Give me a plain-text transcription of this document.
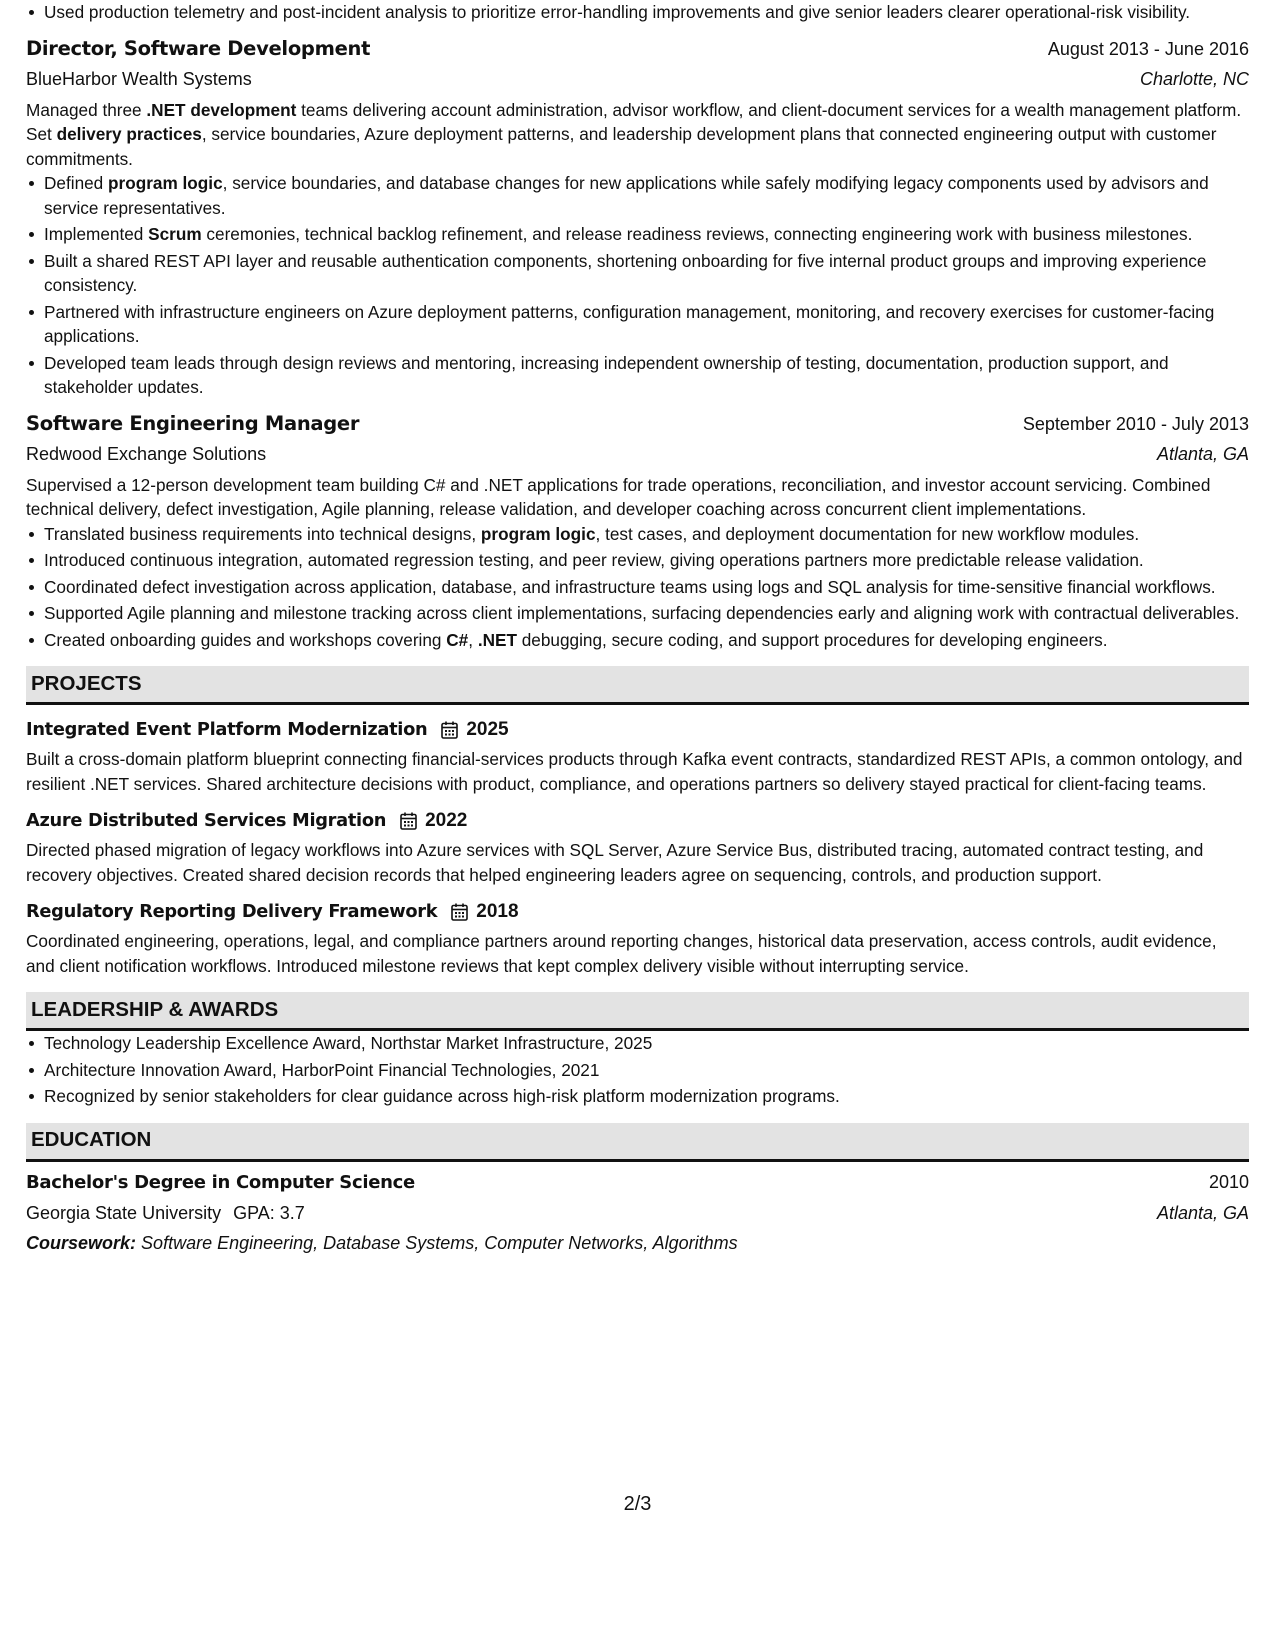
Used production telemetry and post-incident analysis to prioritize error-handling improvements and give senior leaders clearer operational-risk visibility.
Director, Software Development	August 2013 - June 2016
BlueHarbor Wealth Systems	Charlotte, NC
Managed three .NET development teams delivering account administration, advisor workflow, and client-document services for a wealth management platform. Set delivery practices, service boundaries, Azure deployment patterns, and leadership development plans that connected engineering output with customer commitments.
Defined program logic, service boundaries, and database changes for new applications while safely modifying legacy components used by advisors and service representatives.
Implemented Scrum ceremonies, technical backlog refinement, and release readiness reviews, connecting engineering work with business milestones.
Built a shared REST API layer and reusable authentication components, shortening onboarding for five internal product groups and improving experience consistency.
Partnered with infrastructure engineers on Azure deployment patterns, configuration management, monitoring, and recovery exercises for customer-facing applications.
Developed team leads through design reviews and mentoring, increasing independent ownership of testing, documentation, production support, and stakeholder updates.
Software Engineering Manager	September 2010 - July 2013
Redwood Exchange Solutions	Atlanta, GA
Supervised a 12-person development team building C# and .NET applications for trade operations, reconciliation, and investor account servicing. Combined technical delivery, defect investigation, Agile planning, release validation, and developer coaching across concurrent client implementations.
Translated business requirements into technical designs, program logic, test cases, and deployment documentation for new workflow modules.
Introduced continuous integration, automated regression testing, and peer review, giving operations partners more predictable release validation.
Coordinated defect investigation across application, database, and infrastructure teams using logs and SQL analysis for time-sensitive financial workflows.
Supported Agile planning and milestone tracking across client implementations, surfacing dependencies early and aligning work with contractual deliverables.
Created onboarding guides and workshops covering C#, .NET debugging, secure coding, and support procedures for developing engineers.
PROJECTS
Integrated Event Platform Modernization 2025
Built a cross-domain platform blueprint connecting financial-services products through Kafka event contracts, standardized REST APIs, a common ontology, and resilient .NET services. Shared architecture decisions with product, compliance, and operations partners so delivery stayed practical for client-facing teams.
Azure Distributed Services Migration 2022
Directed phased migration of legacy workflows into Azure services with SQL Server, Azure Service Bus, distributed tracing, automated contract testing, and recovery objectives. Created shared decision records that helped engineering leaders agree on sequencing, controls, and production support.
Regulatory Reporting Delivery Framework 2018
Coordinated engineering, operations, legal, and compliance partners around reporting changes, historical data preservation, access controls, audit evidence, and client notification workflows. Introduced milestone reviews that kept complex delivery visible without interrupting service.
LEADERSHIP & AWARDS
Technology Leadership Excellence Award, Northstar Market Infrastructure, 2025
Architecture Innovation Award, HarborPoint Financial Technologies, 2021
Recognized by senior stakeholders for clear guidance across high-risk platform modernization programs.
EDUCATION
Bachelor's Degree in Computer Science	2010
Georgia State University GPA: 3.7	Atlanta, GA
Coursework: Software Engineering, Database Systems, Computer Networks, Algorithms
2/3
